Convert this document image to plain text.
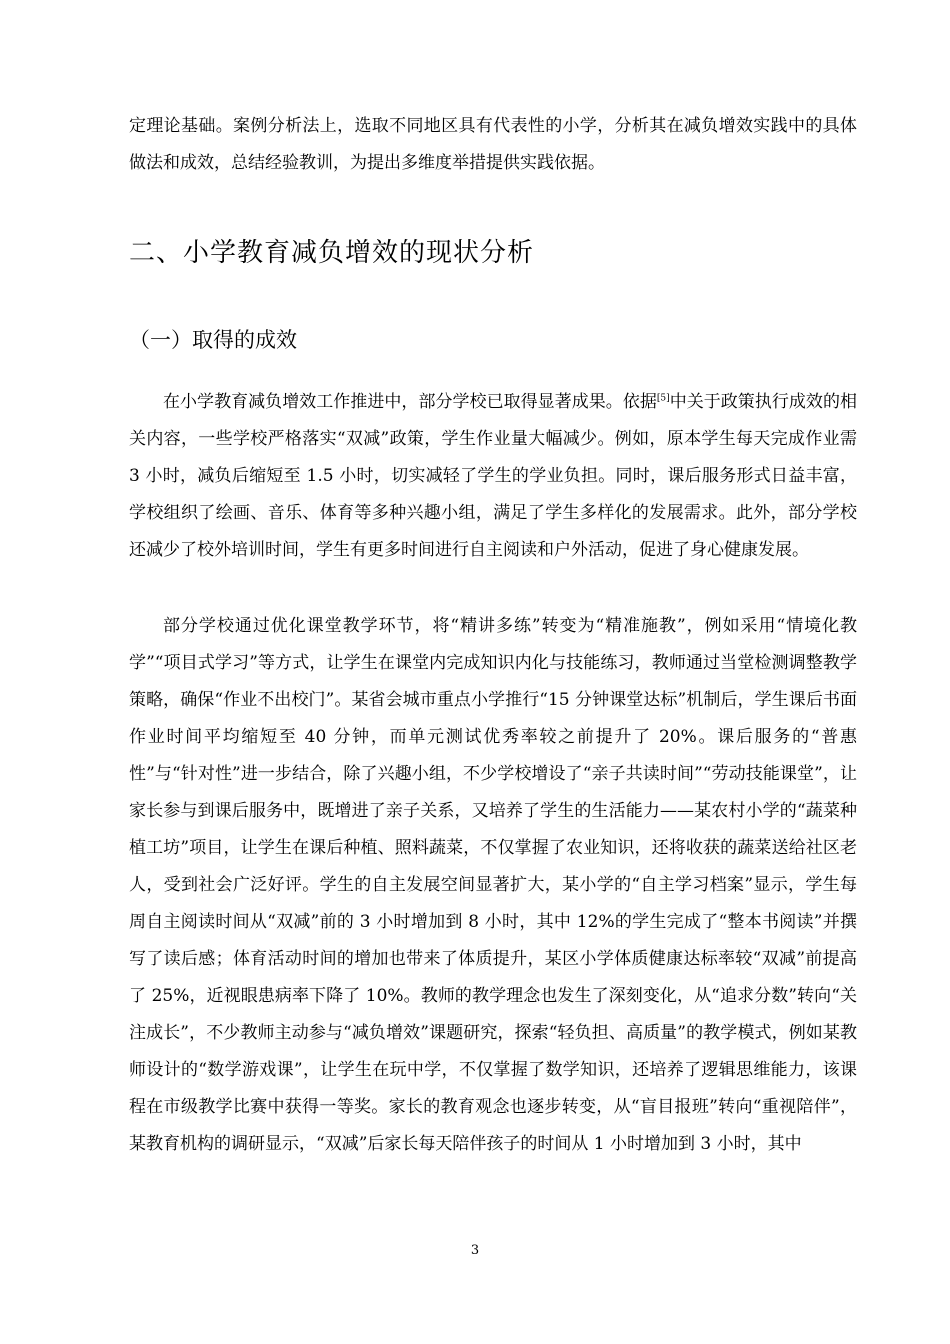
定理论基础。案例分析法上，选取不同地区具有代表性的小学，分析其在减负增效实践中的具体做法和成效，总结经验教训，为提出多维度举措提供实践依据。

二、小学教育减负增效的现状分析
（一）取得的成效

在小学教育减负增效工作推进中，部分学校已取得显著成果。依据[5]中关于政策执行成效的相关内容，一些学校严格落实“双减”政策，学生作业量大幅减少。例如，原本学生每天完成作业需 3 小时，减负后缩短至 1.5 小时，切实减轻了学生的学业负担。同时，课后服务形式日益丰富，学校组织了绘画、音乐、体育等多种兴趣小组，满足了学生多样化的发展需求。此外，部分学校还减少了校外培训时间，学生有更多时间进行自主阅读和户外活动，促进了身心健康发展。

部分学校通过优化课堂教学环节，将“精讲多练”转变为“精准施教”，例如采用“情境化教学”“项目式学习”等方式，让学生在课堂内完成知识内化与技能练习，教师通过当堂检测调整教学策略，确保“作业不出校门”。某省会城市重点小学推行“15 分钟课堂达标”机制后，学生课后书面作业时间平均缩短至 40 分钟，而单元测试优秀率较之前提升了 20%。课后服务的“普惠性”与“针对性”进一步结合，除了兴趣小组，不少学校增设了“亲子共读时间”“劳动技能课堂”，让家长参与到课后服务中，既增进了亲子关系，又培养了学生的生活能力——某农村小学的“蔬菜种植工坊”项目，让学生在课后种植、照料蔬菜，不仅掌握了农业知识，还将收获的蔬菜送给社区老人，受到社会广泛好评。学生的自主发展空间显著扩大，某小学的“自主学习档案”显示，学生每周自主阅读时间从“双减”前的 3 小时增加到 8 小时，其中 12%的学生完成了“整本书阅读”并撰写了读后感；体育活动时间的增加也带来了体质提升，某区小学体质健康达标率较“双减”前提高了 25%，近视眼患病率下降了 10%。教师的教学理念也发生了深刻变化，从“追求分数”转向“关注成长”，不少教师主动参与“减负增效”课题研究，探索“轻负担、高质量”的教学模式，例如某教师设计的“数学游戏课”，让学生在玩中学，不仅掌握了数学知识，还培养了逻辑思维能力，该课程在市级教学比赛中获得一等奖。家长的教育观念也逐步转变，从“盲目报班”转向“重视陪伴”，某教育机构的调研显示，“双减”后家长每天陪伴孩子的时间从 1 小时增加到 3 小时，其中

3
